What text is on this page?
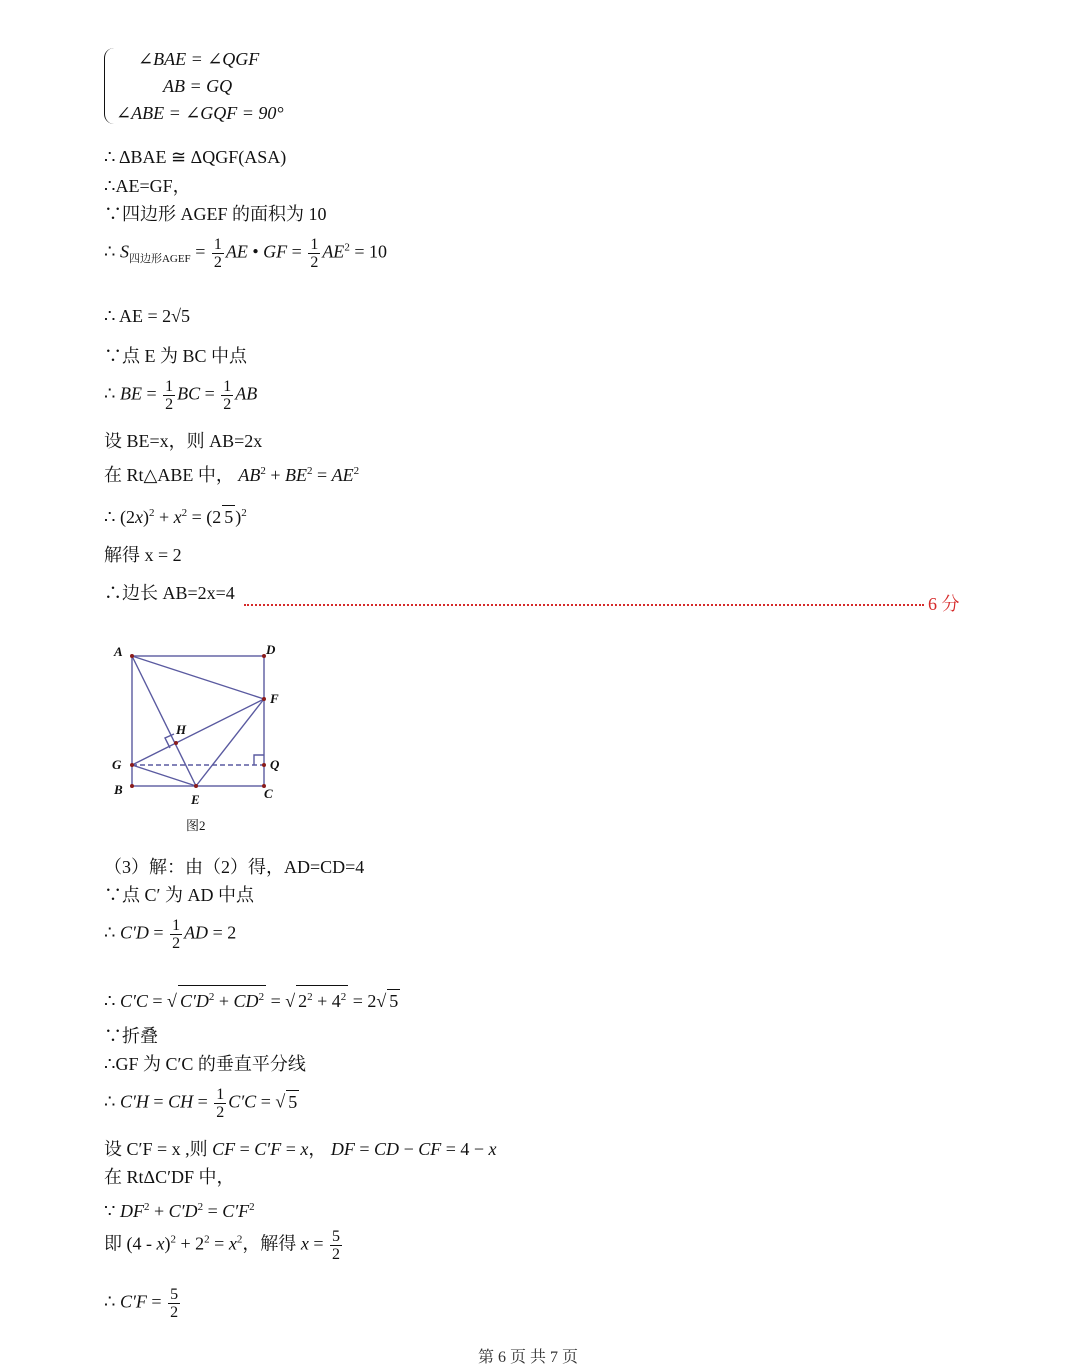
∠BAE = ∠QGF
AB = GQ
∠ABE = ∠GQF = 90°
∴ ΔBAE ≅ ΔQGF(ASA)
∴AE=GF，
∵四边形 AGEF 的面积为 10
∴ $S_{四边形AGEF} = \frac{1}{2}$ AE • GF = $\frac{1}{2} AE^2 = 10$
∴ AE = 2√5
∵点 E 为 BC 中点
∴ BE = $\frac{1}{2}$ BC = $\frac{1}{2}$ AB
设 BE=x，则 AB=2x
在 Rt△ABE 中， $AB^2 + BE^2 = AE^2$
∴ $(2x)^2 + x^2 = (2$ 5 )$^2$
解得 x = 2
∴边长 AB=2x=4
6 分
A	D
F
H
G	Q
B
E	C
图2
（3）解：由（2）得，AD=CD=4
∵点 C′ 为 AD 中点
∴ $C'D = \frac{1}{2}$ AD = 2
∴ C′C = √ $C'D^2 + CD^2$ = √ $2^2 + 4^2 = 2√$ 5
∵折叠
∴GF 为 C′C 的垂直平分线
∴ C′H = CH = $\frac{1}{2} C'C$ = √ 5
设 C′F = x ,则 CF = C′F = x， DF = CD − CF = 4 − x
在 RtΔC′DF 中，
∵ $DF^2 + C'D^2 = C'F^2$
即 $(4 - x)^2 + 2^2 = x^2$，解得 $x = \frac{5}{2}$
∴ $C'F = \frac{5}{2}$
第 6 页 共 7 页
